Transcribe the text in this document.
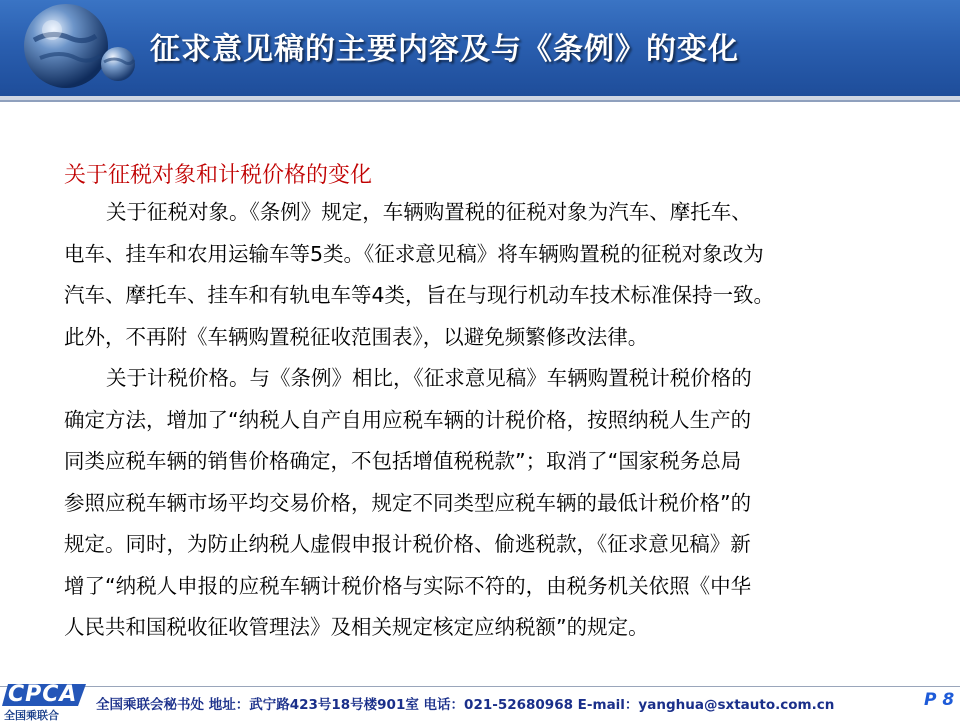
征求意见稿的主要内容及与《条例》的变化
关于征税对象和计税价格的变化
关于征税对象。《条例》规定，车辆购置税的征税对象为汽车、摩托车、
电车、挂车和农用运输车等5类。《征求意见稿》将车辆购置税的征税对象改为
汽车、摩托车、挂车和有轨电车等4类，旨在与现行机动车技术标准保持一致。
此外，不再附《车辆购置税征收范围表》，以避免频繁修改法律。
关于计税价格。与《条例》相比，《征求意见稿》车辆购置税计税价格的
确定方法，增加了“纳税人自产自用应税车辆的计税价格，按照纳税人生产的
同类应税车辆的销售价格确定，不包括增值税税款”；取消了“国家税务总局
参照应税车辆市场平均交易价格，规定不同类型应税车辆的最低计税价格”的
规定。同时，为防止纳税人虚假申报计税价格、偷逃税款，《征求意见稿》新
增了“纳税人申报的应税车辆计税价格与实际不符的，由税务机关依照《中华
人民共和国税收征收管理法》及相关规定核定应纳税额”的规定。
CPCA
全国乘联合
全国乘联会秘书处 地址：武宁路423号18号楼901室 电话：021-52680968 E-mail：yanghua@sxtauto.com.cn	P 8
